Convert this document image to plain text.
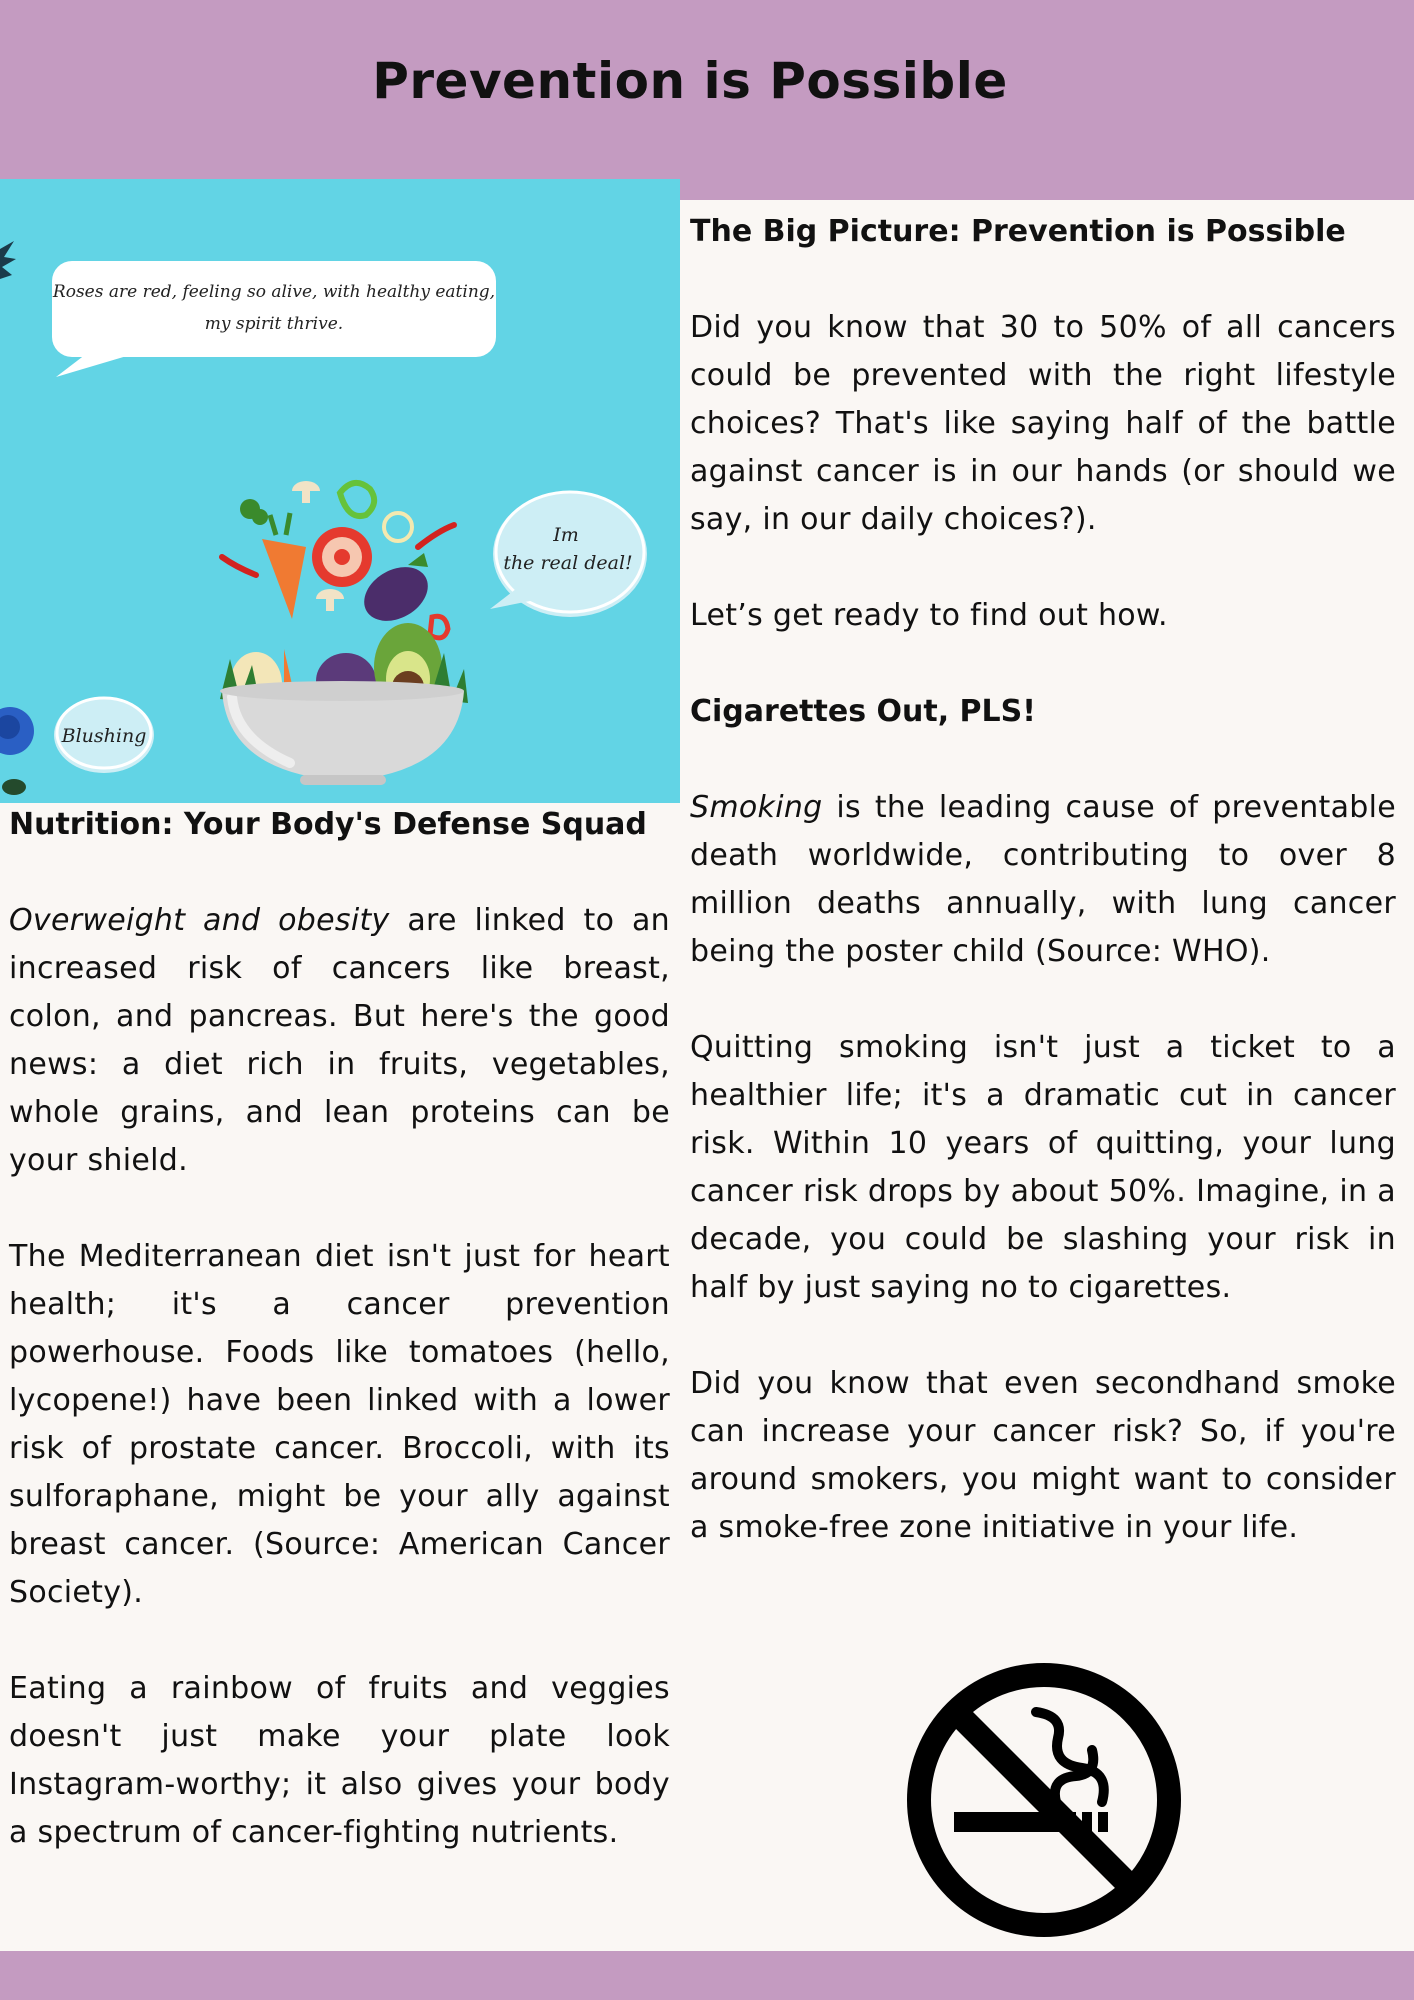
Prevention is Possible
Roses are red, feeling so alive, with healthy eating,
my spirit thrive.
Im
the real deal!
Blushing
Nutrition: Your Body's Defense Squad

Overweight and obesity are linked to an increased risk of cancers like breast, colon, and pancreas. But here's the good news: a diet rich in fruits, vegetables, whole grains, and lean proteins can be your shield.

The Mediterranean diet isn't just for heart health; it's a cancer prevention powerhouse. Foods like tomatoes (hello, lycopene!) have been linked with a lower risk of prostate cancer. Broccoli, with its sulforaphane, might be your ally against breast cancer. (Source: American Cancer Society).

Eating a rainbow of fruits and veggies doesn't just make your plate look Instagram-worthy; it also gives your body a spectrum of cancer-fighting nutrients.

The Big Picture: Prevention is Possible

Did you know that 30 to 50% of all cancers could be prevented with the right lifestyle choices? That's like saying half of the battle against cancer is in our hands (or should we say, in our daily choices?).

Let’s get ready to find out how.

Cigarettes Out, PLS!

Smoking is the leading cause of preventable death worldwide, contributing to over 8 million deaths annually, with lung cancer being the poster child (Source: WHO).

Quitting smoking isn't just a ticket to a healthier life; it's a dramatic cut in cancer risk. Within 10 years of quitting, your lung cancer risk drops by about 50%. Imagine, in a decade, you could be slashing your risk in half by just saying no to cigarettes.

Did you know that even secondhand smoke can increase your cancer risk? So, if you're around smokers, you might want to consider a smoke-free zone initiative in your life.
